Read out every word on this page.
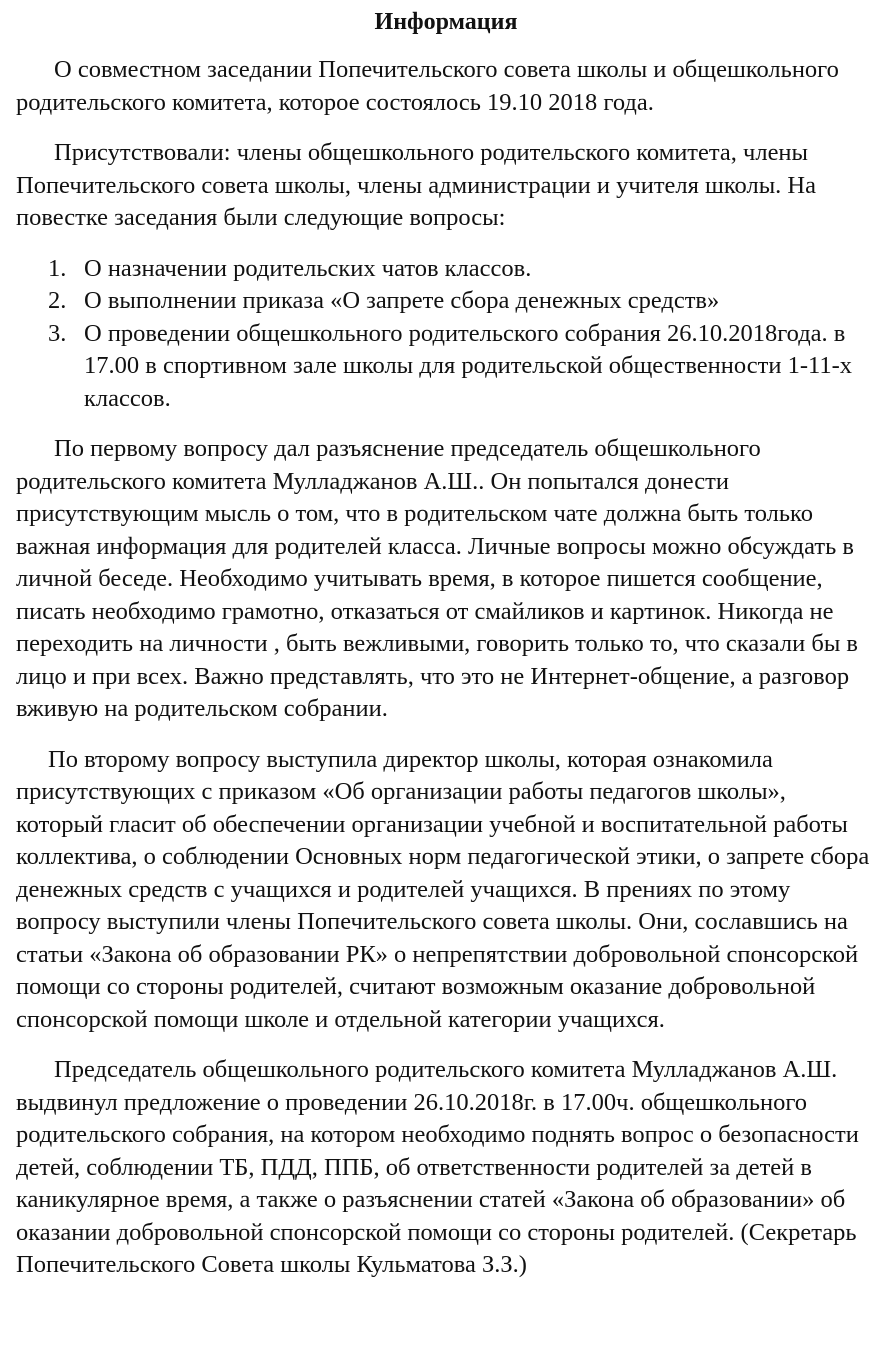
Информация

О совместном заседании Попечительского совета школы и общешкольного родительского комитета, которое состоялось 19.10 2018 года.

Присутствовали: члены общешкольного родительского комитета, члены Попечительского совета школы, члены администрации и учителя школы. На повестке заседания были следующие вопросы:

1. О назначении родительских чатов классов.
2. О выполнении приказа «О запрете сбора денежных средств»
3. О проведении общешкольного родительского собрания 26.10.2018года. в 17.00 в спортивном зале школы для родительской общественности 1-11-х классов.

По первому вопросу дал разъяснение председатель общешкольного родительского комитета Мулладжанов А.Ш.. Он попытался донести присутствующим мысль о том, что в родительском чате должна быть только важная информация для родителей класса. Личные вопросы можно обсуждать в личной беседе. Необходимо учитывать время, в которое пишется сообщение, писать необходимо грамотно, отказаться от смайликов и картинок. Никогда не переходить на личности , быть вежливыми, говорить только то, что сказали бы в лицо и при всех. Важно представлять, что это не Интернет-общение, а разговор вживую на родительском собрании.

По второму вопросу выступила директор школы, которая ознакомила присутствующих с приказом «Об организации работы педагогов школы», который гласит об обеспечении организации учебной и воспитательной работы коллектива, о соблюдении Основных норм педагогической этики, о запрете сбора денежных средств с учащихся и родителей учащихся. В прениях по этому вопросу выступили члены Попечительского совета школы. Они, сославшись на статьи «Закона об образовании РК» о непрепятствии добровольной спонсорской помощи со стороны родителей, считают возможным оказание добровольной спонсорской помощи школе и отдельной категории учащихся.

Председатель общешкольного родительского комитета Мулладжанов А.Ш. выдвинул предложение о проведении 26.10.2018г. в 17.00ч. общешкольного родительского собрания, на котором необходимо поднять вопрос о безопасности детей, соблюдении ТБ, ПДД, ППБ, об ответственности родителей за детей в каникулярное время, а также о разъяснении статей «Закона об образовании» об оказании добровольной спонсорской помощи со стороны родителей. (Секретарь Попечительского Совета школы Кульматова З.З.)
